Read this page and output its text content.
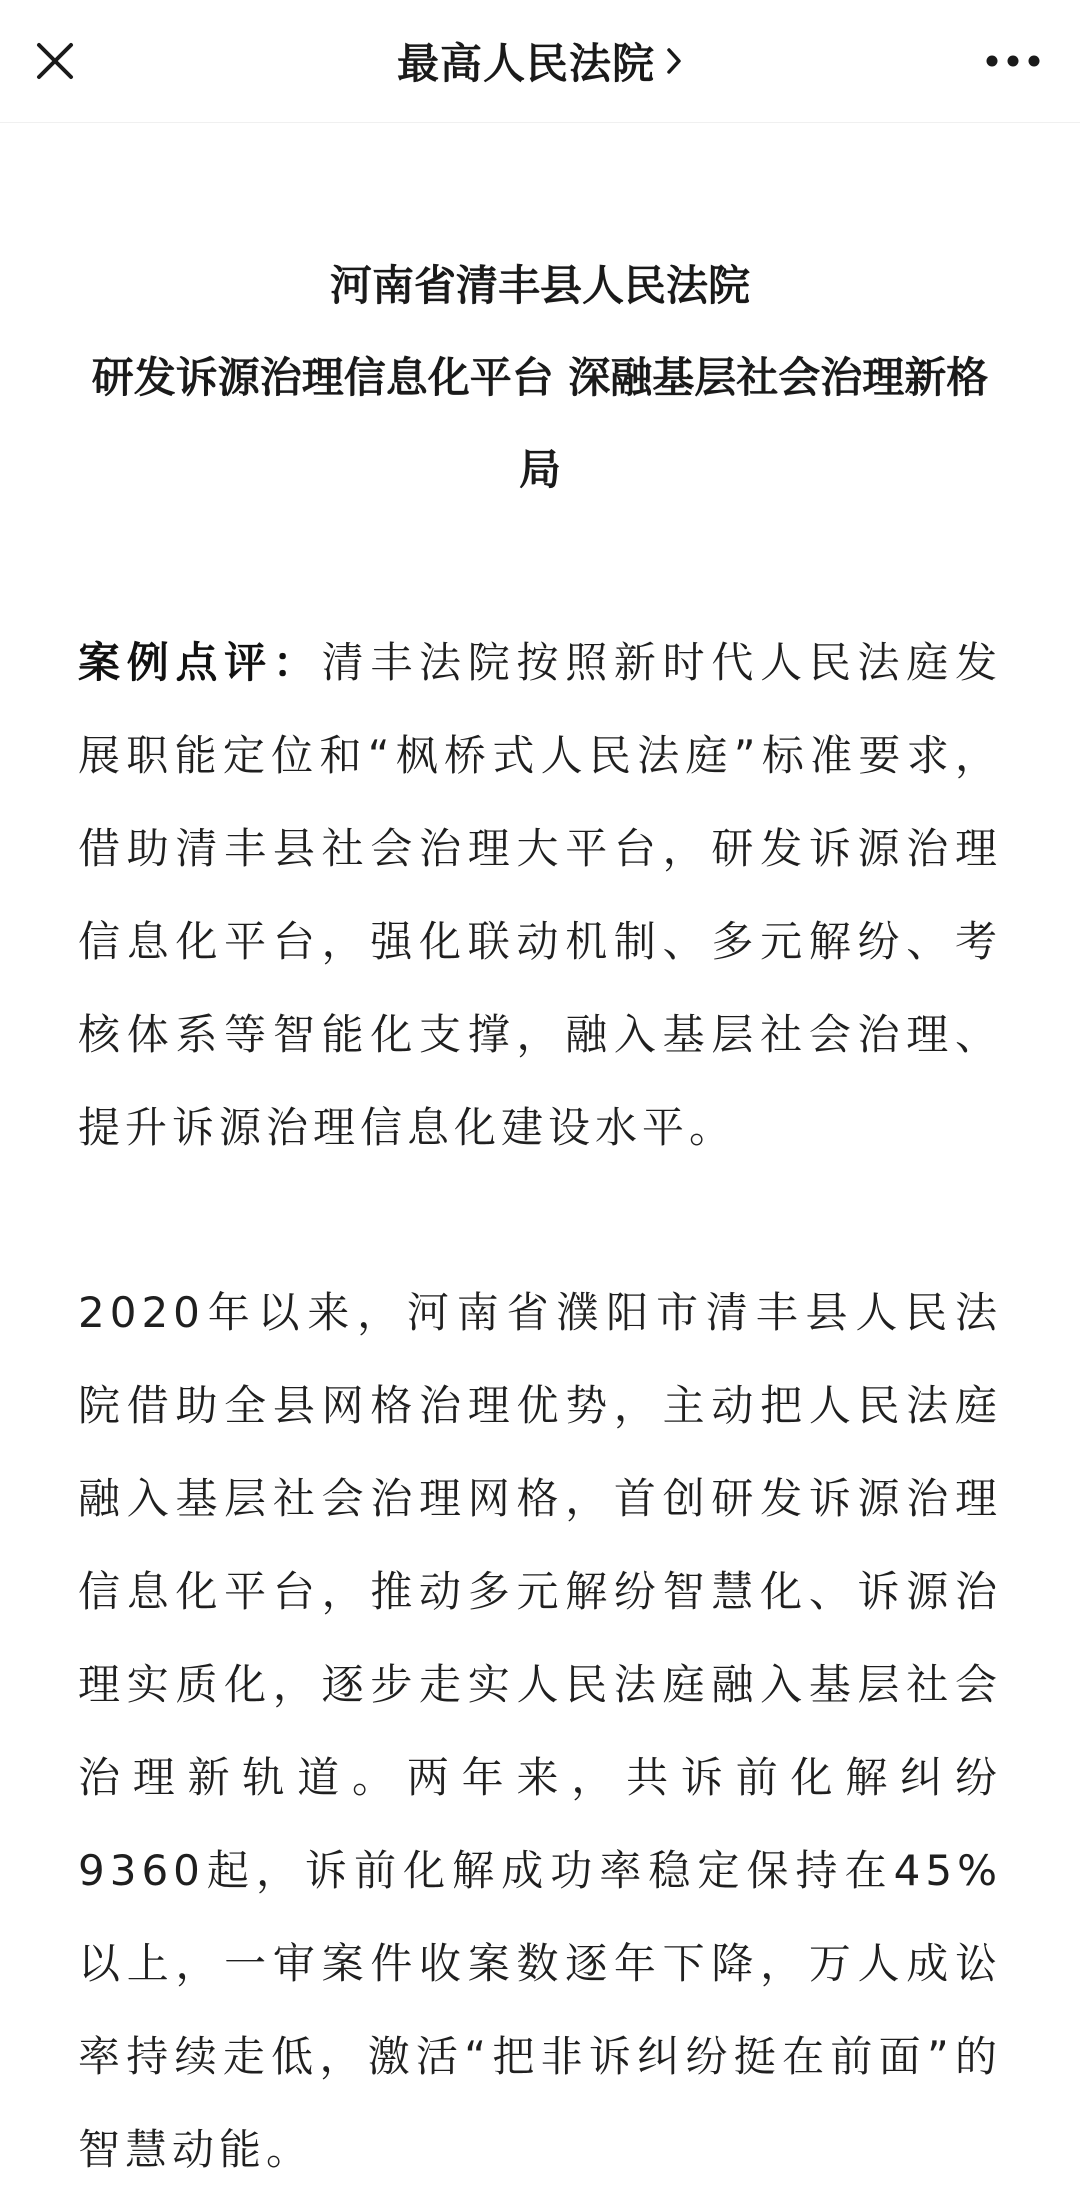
最高人民法院
河南省清丰县人民法院
研发诉源治理信息化平台 深融基层社会治理新格局

案例点评：清丰法院按照新时代人民法庭发展职能定位和“枫桥式人民法庭”标准要求，借助清丰县社会治理大平台，研发诉源治理信息化平台，强化联动机制、多元解纷、考核体系等智能化支撑，融入基层社会治理、提升诉源治理信息化建设水平。

2020年以来，河南省濮阳市清丰县人民法院借助全县网格治理优势，主动把人民法庭融入基层社会治理网格，首创研发诉源治理信息化平台，推动多元解纷智慧化、诉源治理实质化，逐步走实人民法庭融入基层社会治理新轨道。两年来，共诉前化解纠纷9360起，诉前化解成功率稳定保持在45%以上，一审案件收案数逐年下降，万人成讼率持续走低，激活“把非诉纠纷挺在前面”的智慧动能。
